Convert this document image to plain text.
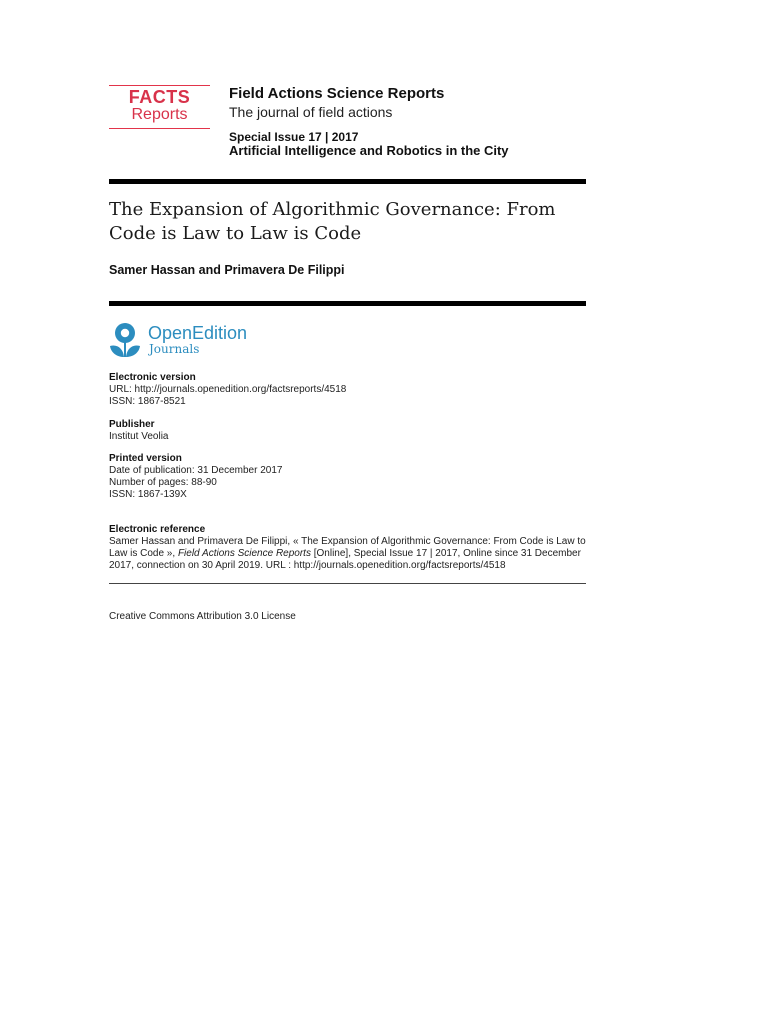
FACTS
Reports
Field Actions Science Reports
The journal of field actions
Special Issue 17 | 2017
Artificial Intelligence and Robotics in the City
The Expansion of Algorithmic Governance: From Code is Law to Law is Code
Samer Hassan and Primavera De Filippi
OpenEdition
Journals
Electronic version
URL: http://journals.openedition.org/factsreports/4518
ISSN: 1867-8521
Publisher
Institut Veolia
Printed version
Date of publication: 31 December 2017
Number of pages: 88-90
ISSN: 1867-139X
Electronic reference
Samer Hassan and Primavera De Filippi, « The Expansion of Algorithmic Governance: From Code is Law to Law is Code », Field Actions Science Reports [Online], Special Issue 17 | 2017, Online since 31 December 2017, connection on 30 April 2019. URL : http://journals.openedition.org/factsreports/4518
Creative Commons Attribution 3.0 License
